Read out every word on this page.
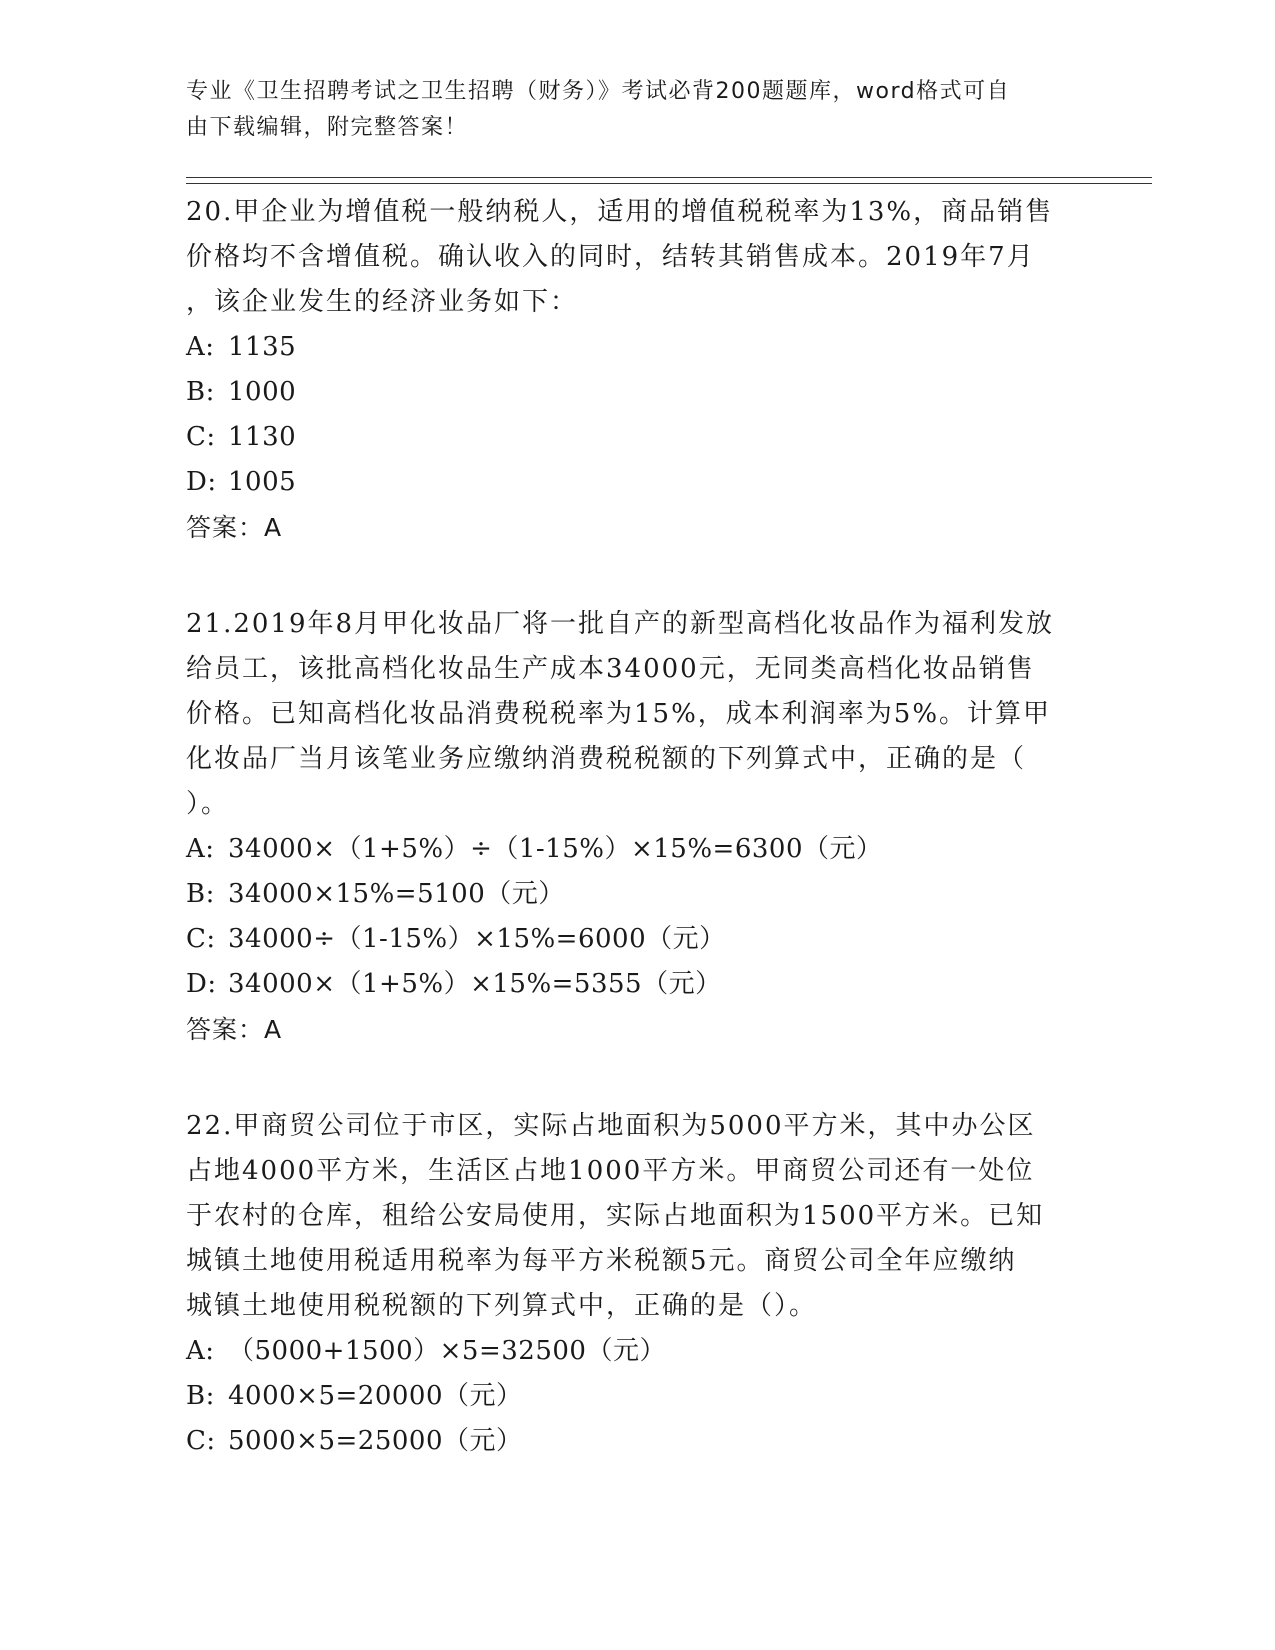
专业《卫生招聘考试之卫生招聘（财务）》考试必背200题题库，word格式可自
由下载编辑，附完整答案！
20.甲企业为增值税一般纳税人，适用的增值税税率为13%，商品销售
价格均不含增值税。确认收入的同时，结转其销售成本。2019年7月
，该企业发生的经济业务如下：
A: 1135
B: 1000
C: 1130
D: 1005
答案：A
21.2019年8月甲化妆品厂将一批自产的新型高档化妆品作为福利发放
给员工，该批高档化妆品生产成本34000元，无同类高档化妆品销售
价格。已知高档化妆品消费税税率为15%，成本利润率为5%。计算甲
化妆品厂当月该笔业务应缴纳消费税税额的下列算式中，正确的是（
）。
A: 34000×（1+5%）÷（1-15%）×15%=6300（元）
B: 34000×15%=5100（元）
C: 34000÷（1-15%）×15%=6000（元）
D: 34000×（1+5%）×15%=5355（元）
答案：A
22.甲商贸公司位于市区，实际占地面积为5000平方米，其中办公区
占地4000平方米，生活区占地1000平方米。甲商贸公司还有一处位
于农村的仓库，租给公安局使用，实际占地面积为1500平方米。已知
城镇土地使用税适用税率为每平方米税额5元。商贸公司全年应缴纳
城镇土地使用税税额的下列算式中，正确的是（）。
A: （5000+1500）×5=32500（元）
B: 4000×5=20000（元）
C: 5000×5=25000（元）
